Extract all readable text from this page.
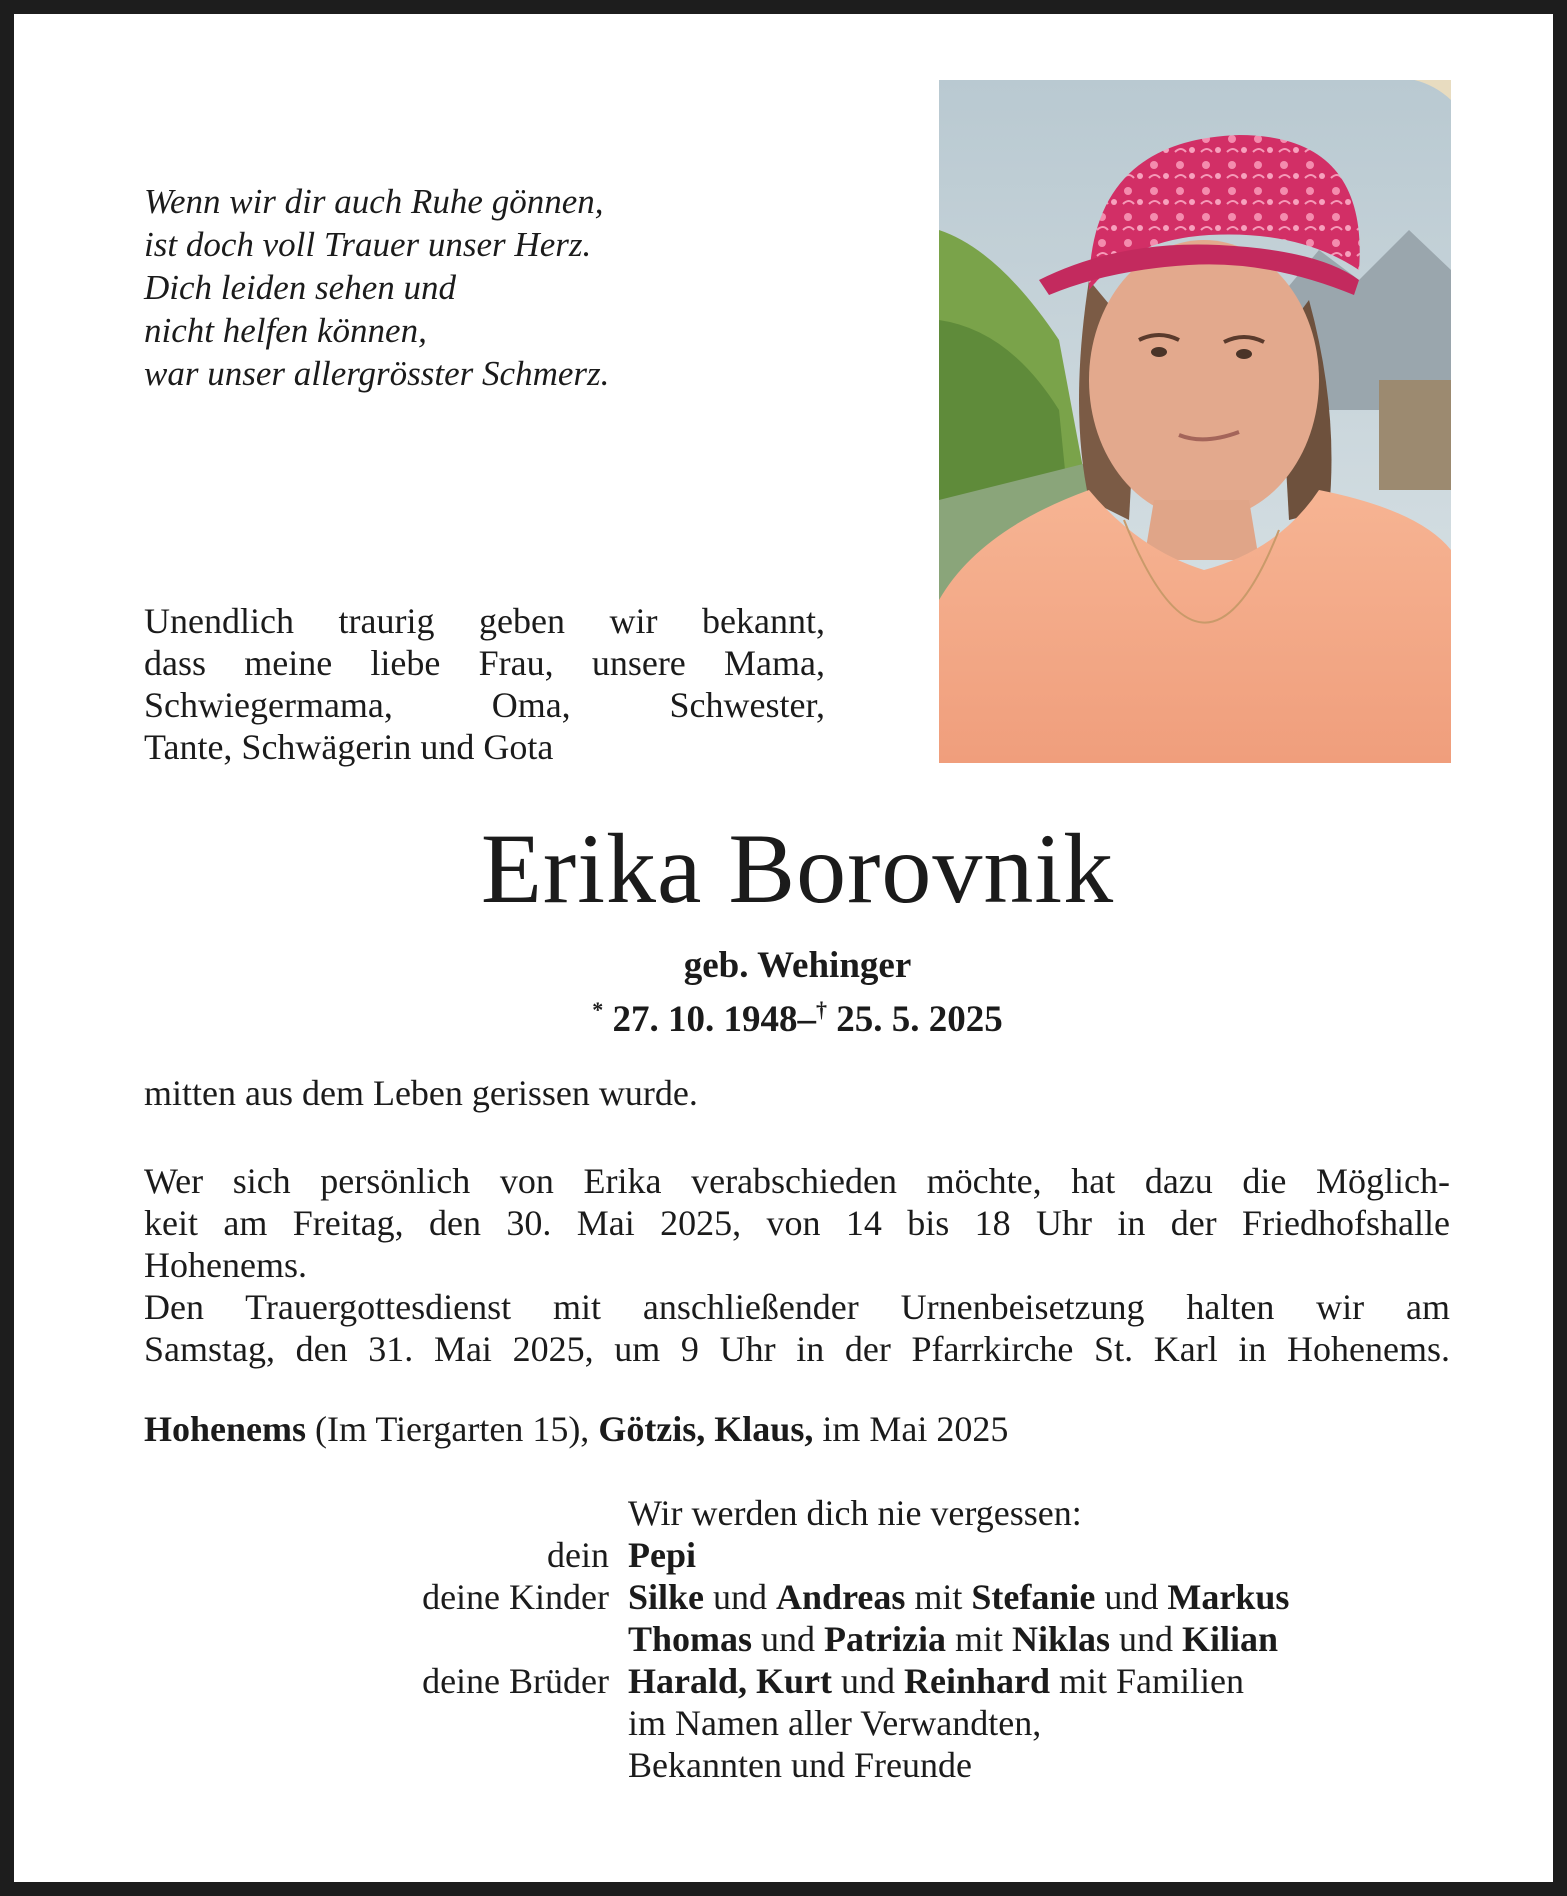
Wenn wir dir auch Ruhe gönnen,
ist doch voll Trauer unser Herz.
Dich leiden sehen und
nicht helfen können,
war unser allergrösster Schmerz.
Unendlich traurig geben wir bekannt,
dass meine liebe Frau, unsere Mama,
Schwiegermama, Oma, Schwester,
Tante, Schwägerin und Gota
Erika Borovnik
geb. Wehinger
* 27. 10. 1948–† 25. 5. 2025
mitten aus dem Leben gerissen wurde.
Wer sich persönlich von Erika verabschieden möchte, hat dazu die Möglich-
keit am Freitag, den 30. Mai 2025, von 14 bis 18 Uhr in der Friedhofshalle
Hohenems.
Den Trauergottesdienst mit anschließender Urnenbeisetzung halten wir am
Samstag, den 31. Mai 2025, um 9 Uhr in der Pfarrkirche St. Karl in Hohenems.
Hohenems (Im Tiergarten 15), Götzis, Klaus, im Mai 2025
Wir werden dich nie vergessen:
dein Pepi
deine Kinder Silke und Andreas mit Stefanie und Markus
Thomas und Patrizia mit Niklas und Kilian
deine Brüder Harald, Kurt und Reinhard mit Familien
im Namen aller Verwandten,
Bekannten und Freunde
